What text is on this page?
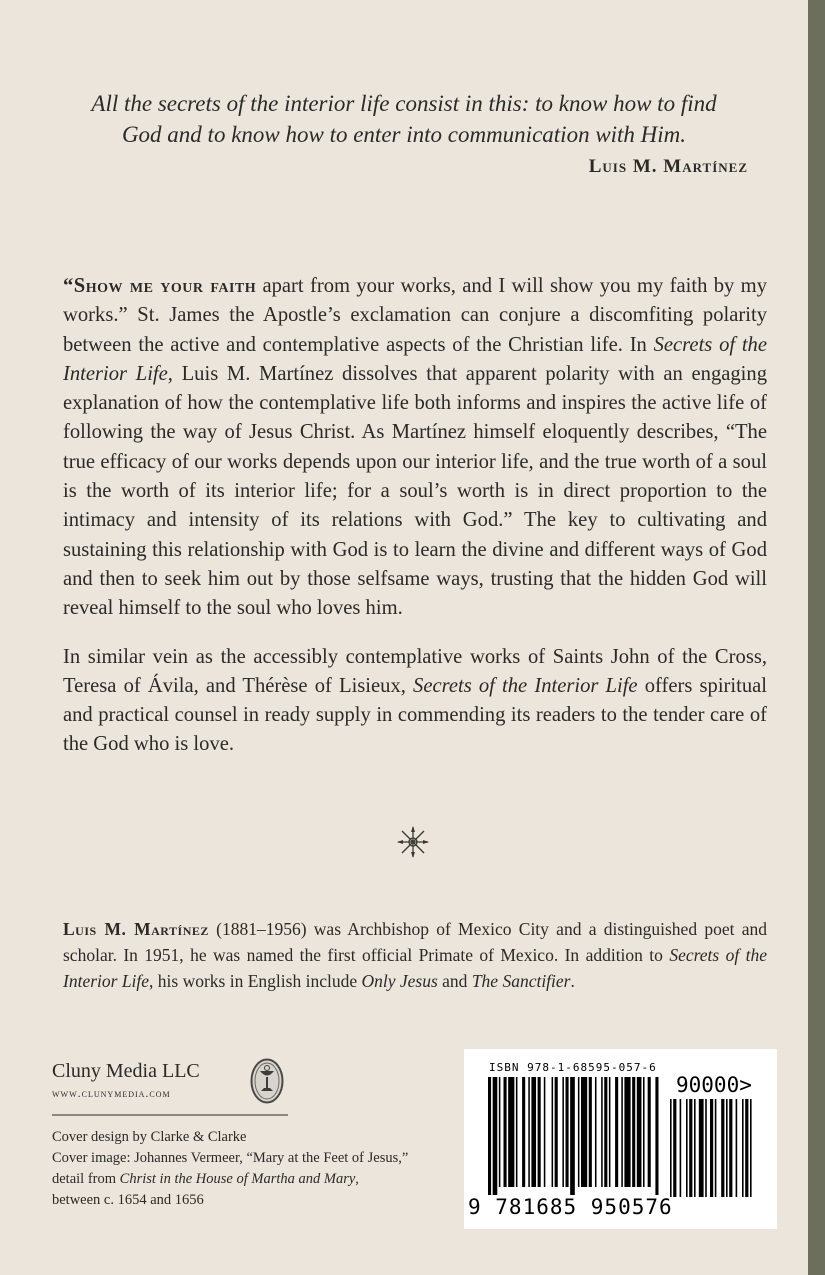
All the secrets of the interior life consist in this: to know how to find
God and to know how to enter into communication with Him.

Luis M. Martínez

“Show me your faith apart from your works, and I will show you my faith by my works.” St. James the Apostle’s exclamation can conjure a discomfiting polarity between the active and contemplative aspects of the Christian life. In Secrets of the Interior Life, Luis M. Martínez dissolves that apparent polarity with an engaging explanation of how the contemplative life both informs and inspires the active life of following the way of Jesus Christ. As Martínez himself eloquently describes, “The true efficacy of our works depends upon our interior life, and the true worth of a soul is the worth of its interior life; for a soul’s worth is in direct proportion to the intimacy and intensity of its relations with God.” The key to cultivating and sustaining this relationship with God is to learn the divine and different ways of God and then to seek him out by those selfsame ways, trusting that the hidden God will reveal himself to the soul who loves him.

In similar vein as the accessibly contemplative works of Saints John of the Cross, Teresa of Ávila, and Thérèse of Lisieux, Secrets of the Interior Life offers spiritual and practical counsel in ready supply in commending its readers to the tender care of the God who is love.

Luis M. Martínez (1881–1956) was Archbishop of Mexico City and a distinguished poet and scholar. In 1951, he was named the first official Primate of Mexico. In addition to Secrets of the Interior Life, his works in English include Only Jesus and The Sanctifier.

Cluny Media LLC
www.clunymedia.com
Cover design by Clarke & Clarke
Cover image: Johannes Vermeer, “Mary at the Feet of Jesus,”
detail from Christ in the House of Martha and Mary,
between c. 1654 and 1656
ISBN 978-1-68595-057-6
90000>
9 781685 950576
